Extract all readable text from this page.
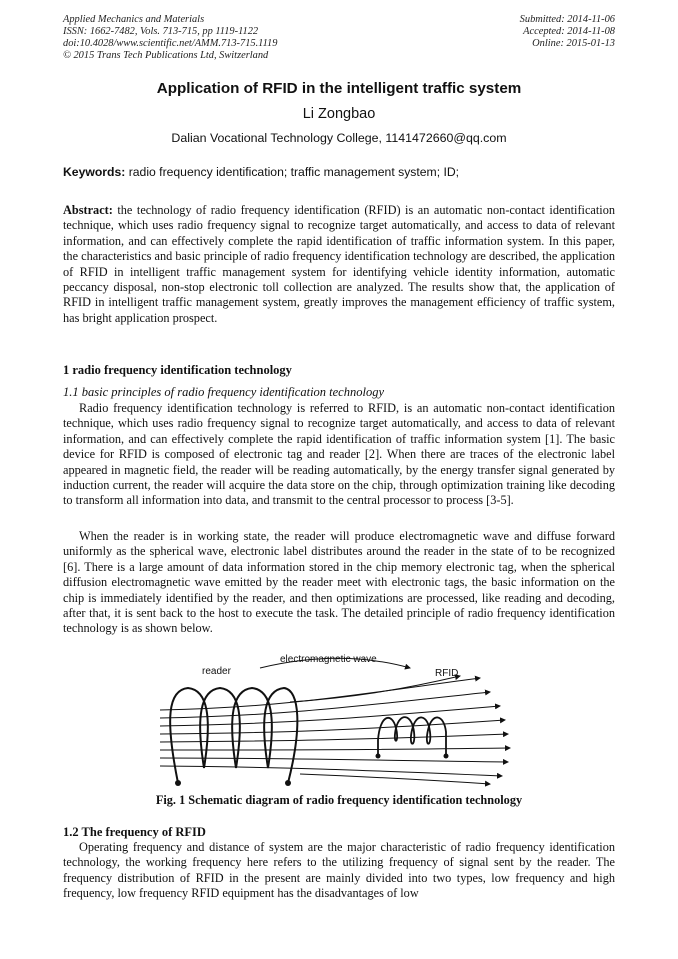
Applied Mechanics and Materials
ISSN: 1662-7482, Vols. 713-715, pp 1119-1122
doi:10.4028/www.scientific.net/AMM.713-715.1119
© 2015 Trans Tech Publications Ltd, Switzerland
Submitted: 2014-11-06
Accepted: 2014-11-08
Online: 2015-01-13
Application of RFID in the intelligent traffic system
Li Zongbao
Dalian Vocational Technology College, 1141472660@qq.com
Keywords: radio frequency identification; traffic management system; ID;
Abstract: the technology of radio frequency identification (RFID) is an automatic non-contact identification technique, which uses radio frequency signal to recognize target automatically, and access to data of relevant information, and can effectively complete the rapid identification of traffic information system. In this paper, the characteristics and basic principle of radio frequency identification technology are described, the application of RFID in intelligent traffic management system for identifying vehicle identity information, automatic peccancy disposal, non-stop electronic toll collection are analyzed. The results show that, the application of RFID in intelligent traffic management system, greatly improves the management efficiency of traffic system, has bright application prospect.
1 radio frequency identification technology
1.1 basic principles of radio frequency identification technology

Radio frequency identification technology is referred to RFID, is an automatic non-contact identification technique, which uses radio frequency signal to recognize target automatically, and access to data of relevant information, and can effectively complete the rapid identification of traffic information system [1]. The basic device for RFID is composed of electronic tag and reader [2]. When there are traces of the electronic label appeared in magnetic field, the reader will be reading automatically, by the energy transfer signal generated by induction current, the reader will acquire the data store on the chip, through optimization training like decoding to transform all information into data, and transmit to the central processor to process [3-5].

When the reader is in working state, the reader will produce electromagnetic wave and diffuse forward uniformly as the spherical wave, electronic label distributes around the reader in the state of to be recognized [6]. There is a large amount of data information stored in the chip memory electronic tag, when the spherical diffusion electromagnetic wave emitted by the reader meet with electronic tags, the basic information on the chip is immediately identified by the reader, and then optimizations are processed, like reading and decoding, after that, it is sent back to the host to execute the task. The detailed principle of radio frequency identification technology is as shown below.

reader
electromagnetic wave
RFID
Fig. 1 Schematic diagram of radio frequency identification technology
1.2 The frequency of RFID

Operating frequency and distance of system are the major characteristic of radio frequency identification technology, the working frequency here refers to the utilizing frequency of signal sent by the reader. The frequency distribution of RFID in the present are mainly divided into two types, low frequency and high frequency, low frequency RFID equipment has the disadvantages of low
